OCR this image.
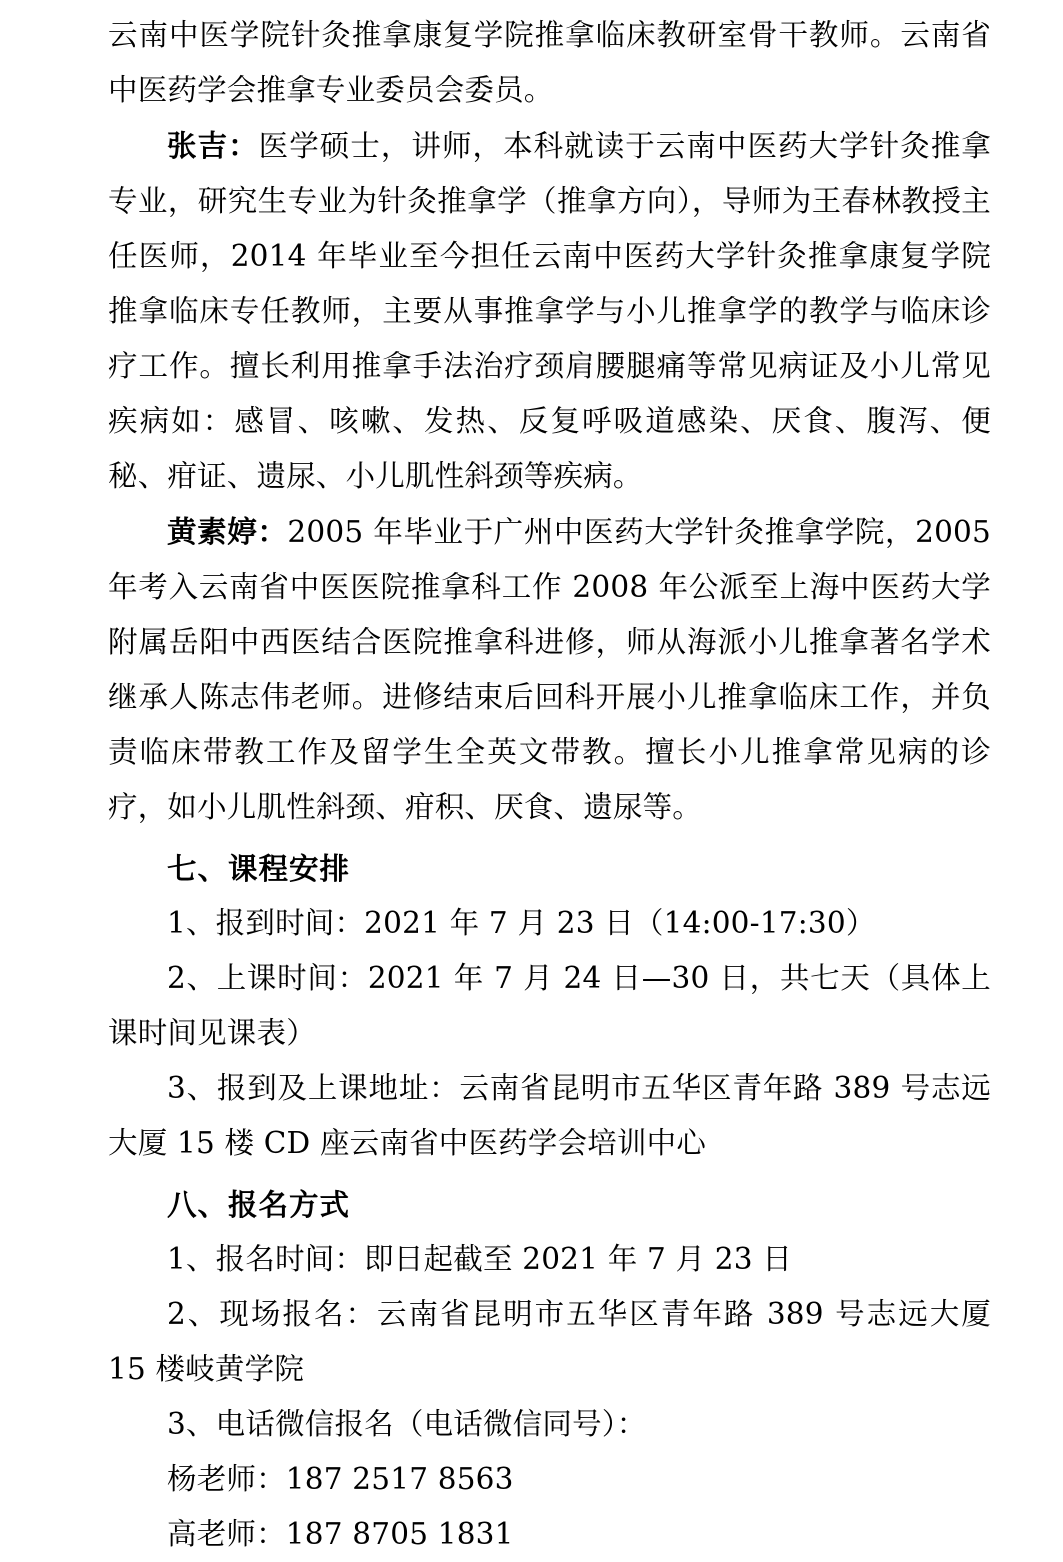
云南中医学院针灸推拿康复学院推拿临床教研室骨干教师。云南省中医药学会推拿专业委员会委员。

张吉：医学硕士，讲师，本科就读于云南中医药大学针灸推拿专业，研究生专业为针灸推拿学（推拿方向），导师为王春林教授主任医师，2014 年毕业至今担任云南中医药大学针灸推拿康复学院推拿临床专任教师，主要从事推拿学与小儿推拿学的教学与临床诊疗工作。擅长利用推拿手法治疗颈肩腰腿痛等常见病证及小儿常见疾病如：感冒、咳嗽、发热、反复呼吸道感染、厌食、腹泻、便秘、疳证、遗尿、小儿肌性斜颈等疾病。

黄素婷：2005 年毕业于广州中医药大学针灸推拿学院，2005 年考入云南省中医医院推拿科工作 2008 年公派至上海中医药大学附属岳阳中西医结合医院推拿科进修，师从海派小儿推拿著名学术继承人陈志伟老师。进修结束后回科开展小儿推拿临床工作，并负责临床带教工作及留学生全英文带教。擅长小儿推拿常见病的诊疗，如小儿肌性斜颈、疳积、厌食、遗尿等。

七、课程安排

1、报到时间：2021 年 7 月 23 日（14:00-17:30）

2、上课时间：2021 年 7 月 24 日—30 日，共七天（具体上课时间见课表）

3、报到及上课地址：云南省昆明市五华区青年路 389 号志远大厦 15 楼 CD 座云南省中医药学会培训中心

八、报名方式

1、报名时间：即日起截至 2021 年 7 月 23 日

2、现场报名：云南省昆明市五华区青年路 389 号志远大厦 15 楼岐黄学院

3、电话微信报名（电话微信同号）：

杨老师：187 2517 8563

高老师：187 8705 1831
